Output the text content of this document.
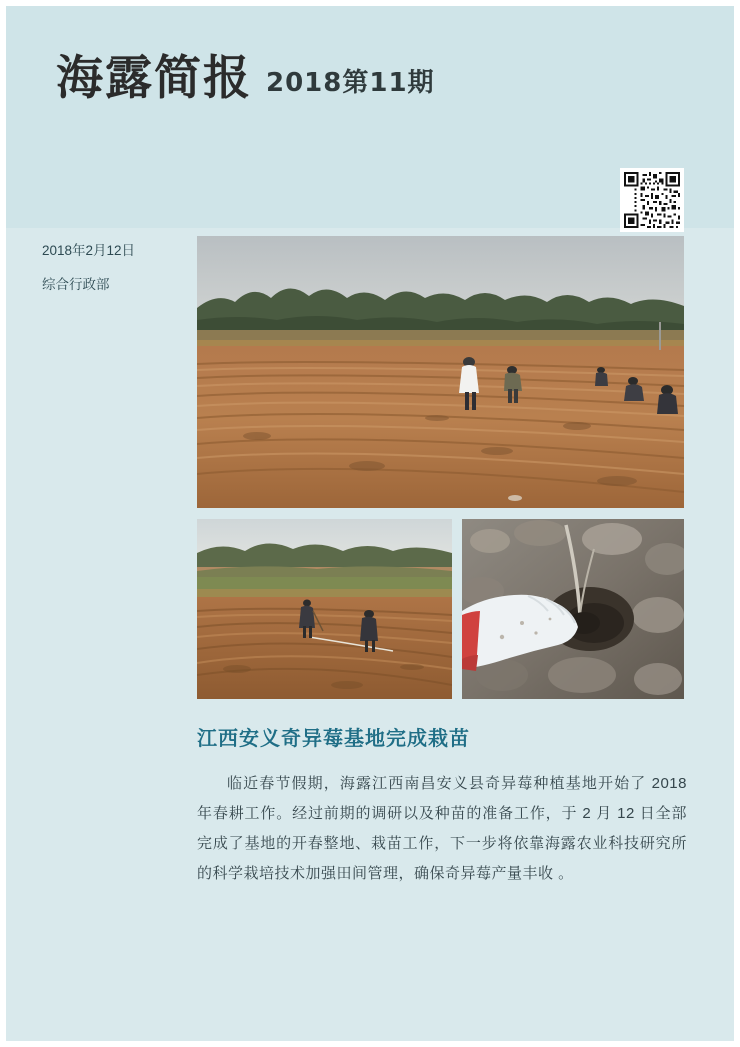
海露简报 2018第11期
2018年2月12日
综合行政部
江西安义奇异莓基地完成栽苗
临近春节假期，海露江西南昌安义县奇异莓种植基地开始了 2018 年春耕工作。经过前期的调研以及种苗的准备工作，于 2 月 12 日全部完成了基地的开春整地、栽苗工作，下一步将依靠海露农业科技研究所的科学栽培技术加强田间管理，确保奇异莓产量丰收 。
